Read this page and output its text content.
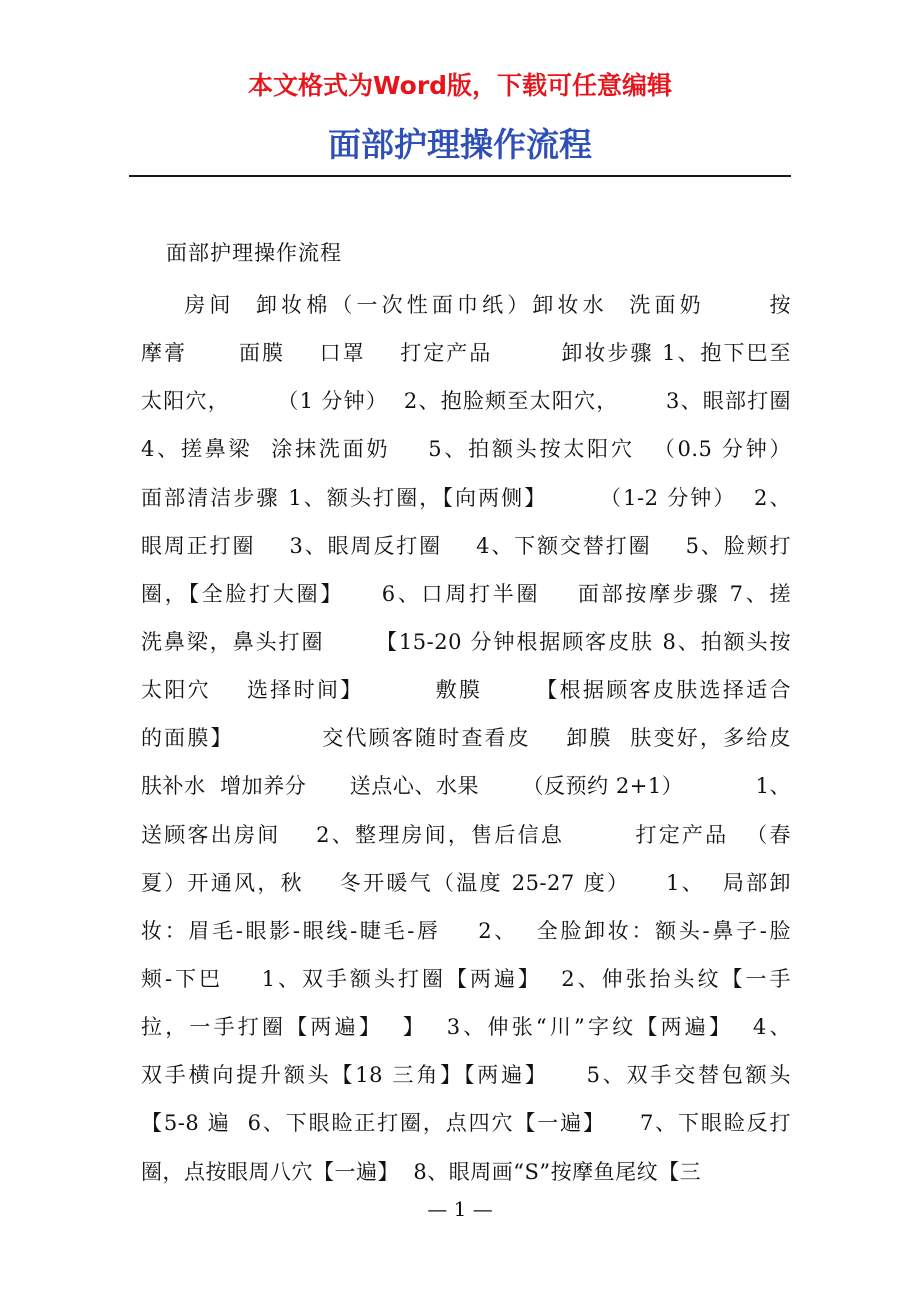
本文格式为Word版，下载可任意编辑
面部护理操作流程
面部护理操作流程
房间  卸妆棉（一次性面巾纸）卸妆水  洗面奶      按
摩膏      面膜    口罩    打定产品        卸妆步骤 1、抱下巴至
太阳穴，      （1 分钟）  2、抱脸颊至太阳穴，      3、眼部打圈
4、搓鼻梁  涂抹洗面奶    5、拍额头按太阳穴  （0.5 分钟）
面部清洁步骤 1、额头打圈，【向两侧】      （1-2 分钟）  2、
眼周正打圈    3、眼周反打圈    4、下额交替打圈    5、脸颊打
圈，【全脸打大圈】    6、口周打半圈    面部按摩步骤 7、搓
洗鼻梁，鼻头打圈      【15-20 分钟根据顾客皮肤 8、拍额头按
太阳穴    选择时间】        敷膜      【根据顾客皮肤选择适合
的面膜】          交代顾客随时查看皮    卸膜  肤变好，多给皮
肤补水  增加养分      送点心、水果      （反预约 2+1）          1、
送顾客出房间    2、整理房间，售后信息        打定产品  （春
夏）开通风，秋    冬开暖气（温度 25-27 度）    1、  局部卸
妆：眉毛-眼影-眼线-睫毛-唇    2、  全脸卸妆：额头-鼻子-脸
颊-下巴    1、双手额头打圈【两遍】  2、伸张抬头纹【一手
拉，一手打圈【两遍】  】  3、伸张“川”字纹【两遍】  4、
双手横向提升额头【18 三角】【两遍】    5、双手交替包额头
【5-8 遍  6、下眼睑正打圈，点四穴【一遍】    7、下眼睑反打
圈，点按眼周八穴【一遍】  8、眼周画“S”按摩鱼尾纹【三
— 1 —
